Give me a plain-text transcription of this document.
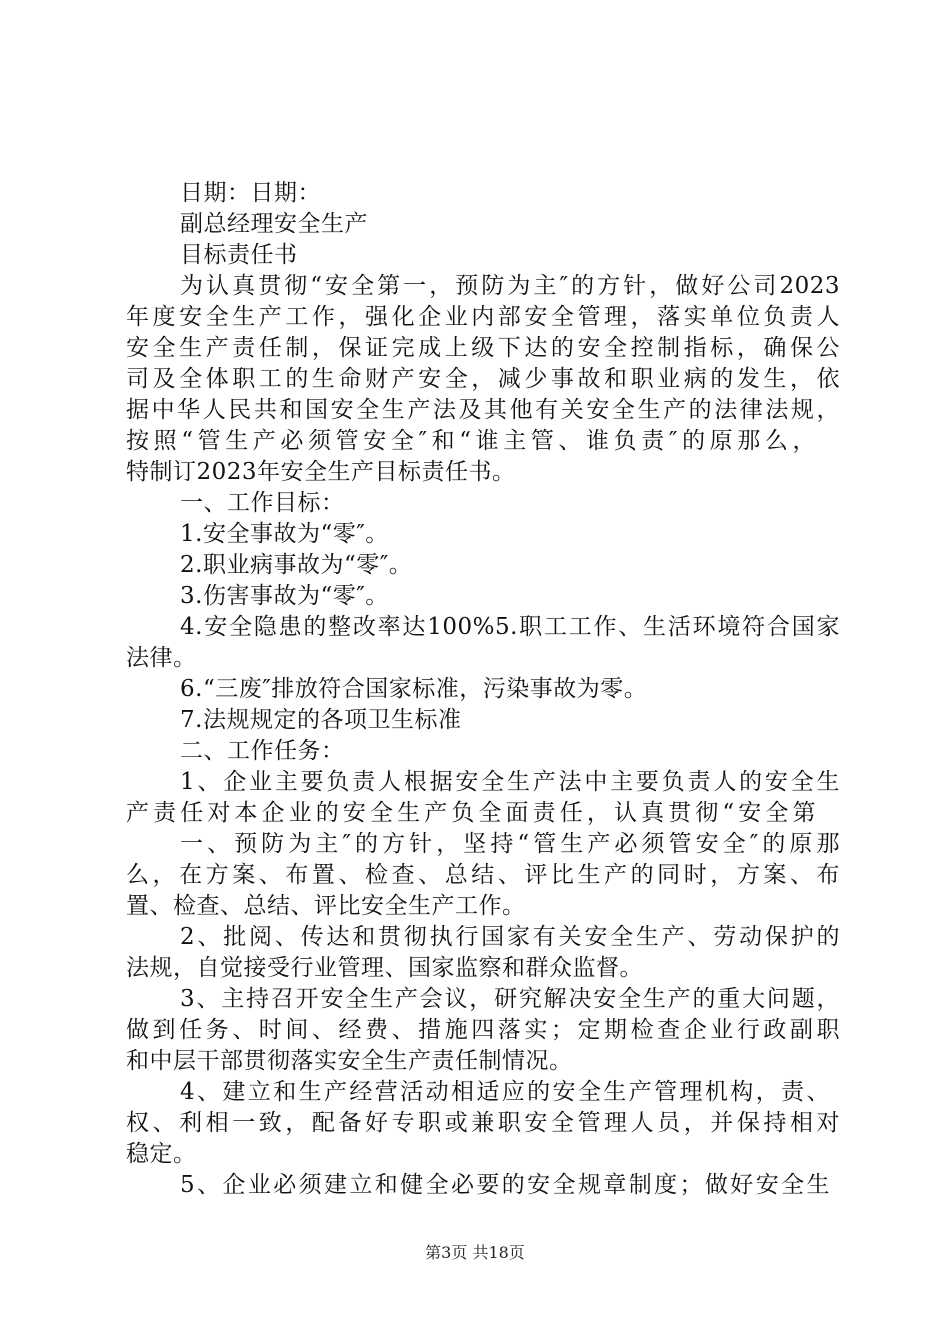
日期：日期：
副总经理安全生产
目标责任书
为认真贯彻“安全第一，预防为主″的方针，做好公司2023
年度安全生产工作，强化企业内部安全管理，落实单位负责人
安全生产责任制，保证完成上级下达的安全控制指标，确保公
司及全体职工的生命财产安全，减少事故和职业病的发生，依
据中华人民共和国安全生产法及其他有关安全生产的法律法规，
按照“管生产必须管安全″和“谁主管、谁负责″的原那么，
特制订2023年安全生产目标责任书。
一、工作目标：
1.安全事故为“零″。
2.职业病事故为“零″。
3.伤害事故为“零″。
4.安全隐患的整改率达100%5.职工工作、生活环境符合国家
法律。
6.“三废″排放符合国家标准，污染事故为零。
7.法规规定的各项卫生标准
二、工作任务：
1、企业主要负责人根据安全生产法中主要负责人的安全生
产责任对本企业的安全生产负全面责任，认真贯彻“安全第
一、预防为主″的方针，坚持“管生产必须管安全″的原那
么，在方案、布置、检查、总结、评比生产的同时，方案、布
置、检查、总结、评比安全生产工作。
2、批阅、传达和贯彻执行国家有关安全生产、劳动保护的
法规，自觉接受行业管理、国家监察和群众监督。
3、主持召开安全生产会议，研究解决安全生产的重大问题，
做到任务、时间、经费、措施四落实；定期检查企业行政副职
和中层干部贯彻落实安全生产责任制情况。
4、建立和生产经营活动相适应的安全生产管理机构，责、
权、利相一致，配备好专职或兼职安全管理人员，并保持相对
稳定。
5、企业必须建立和健全必要的安全规章制度；做好安全生
第3页 共18页
